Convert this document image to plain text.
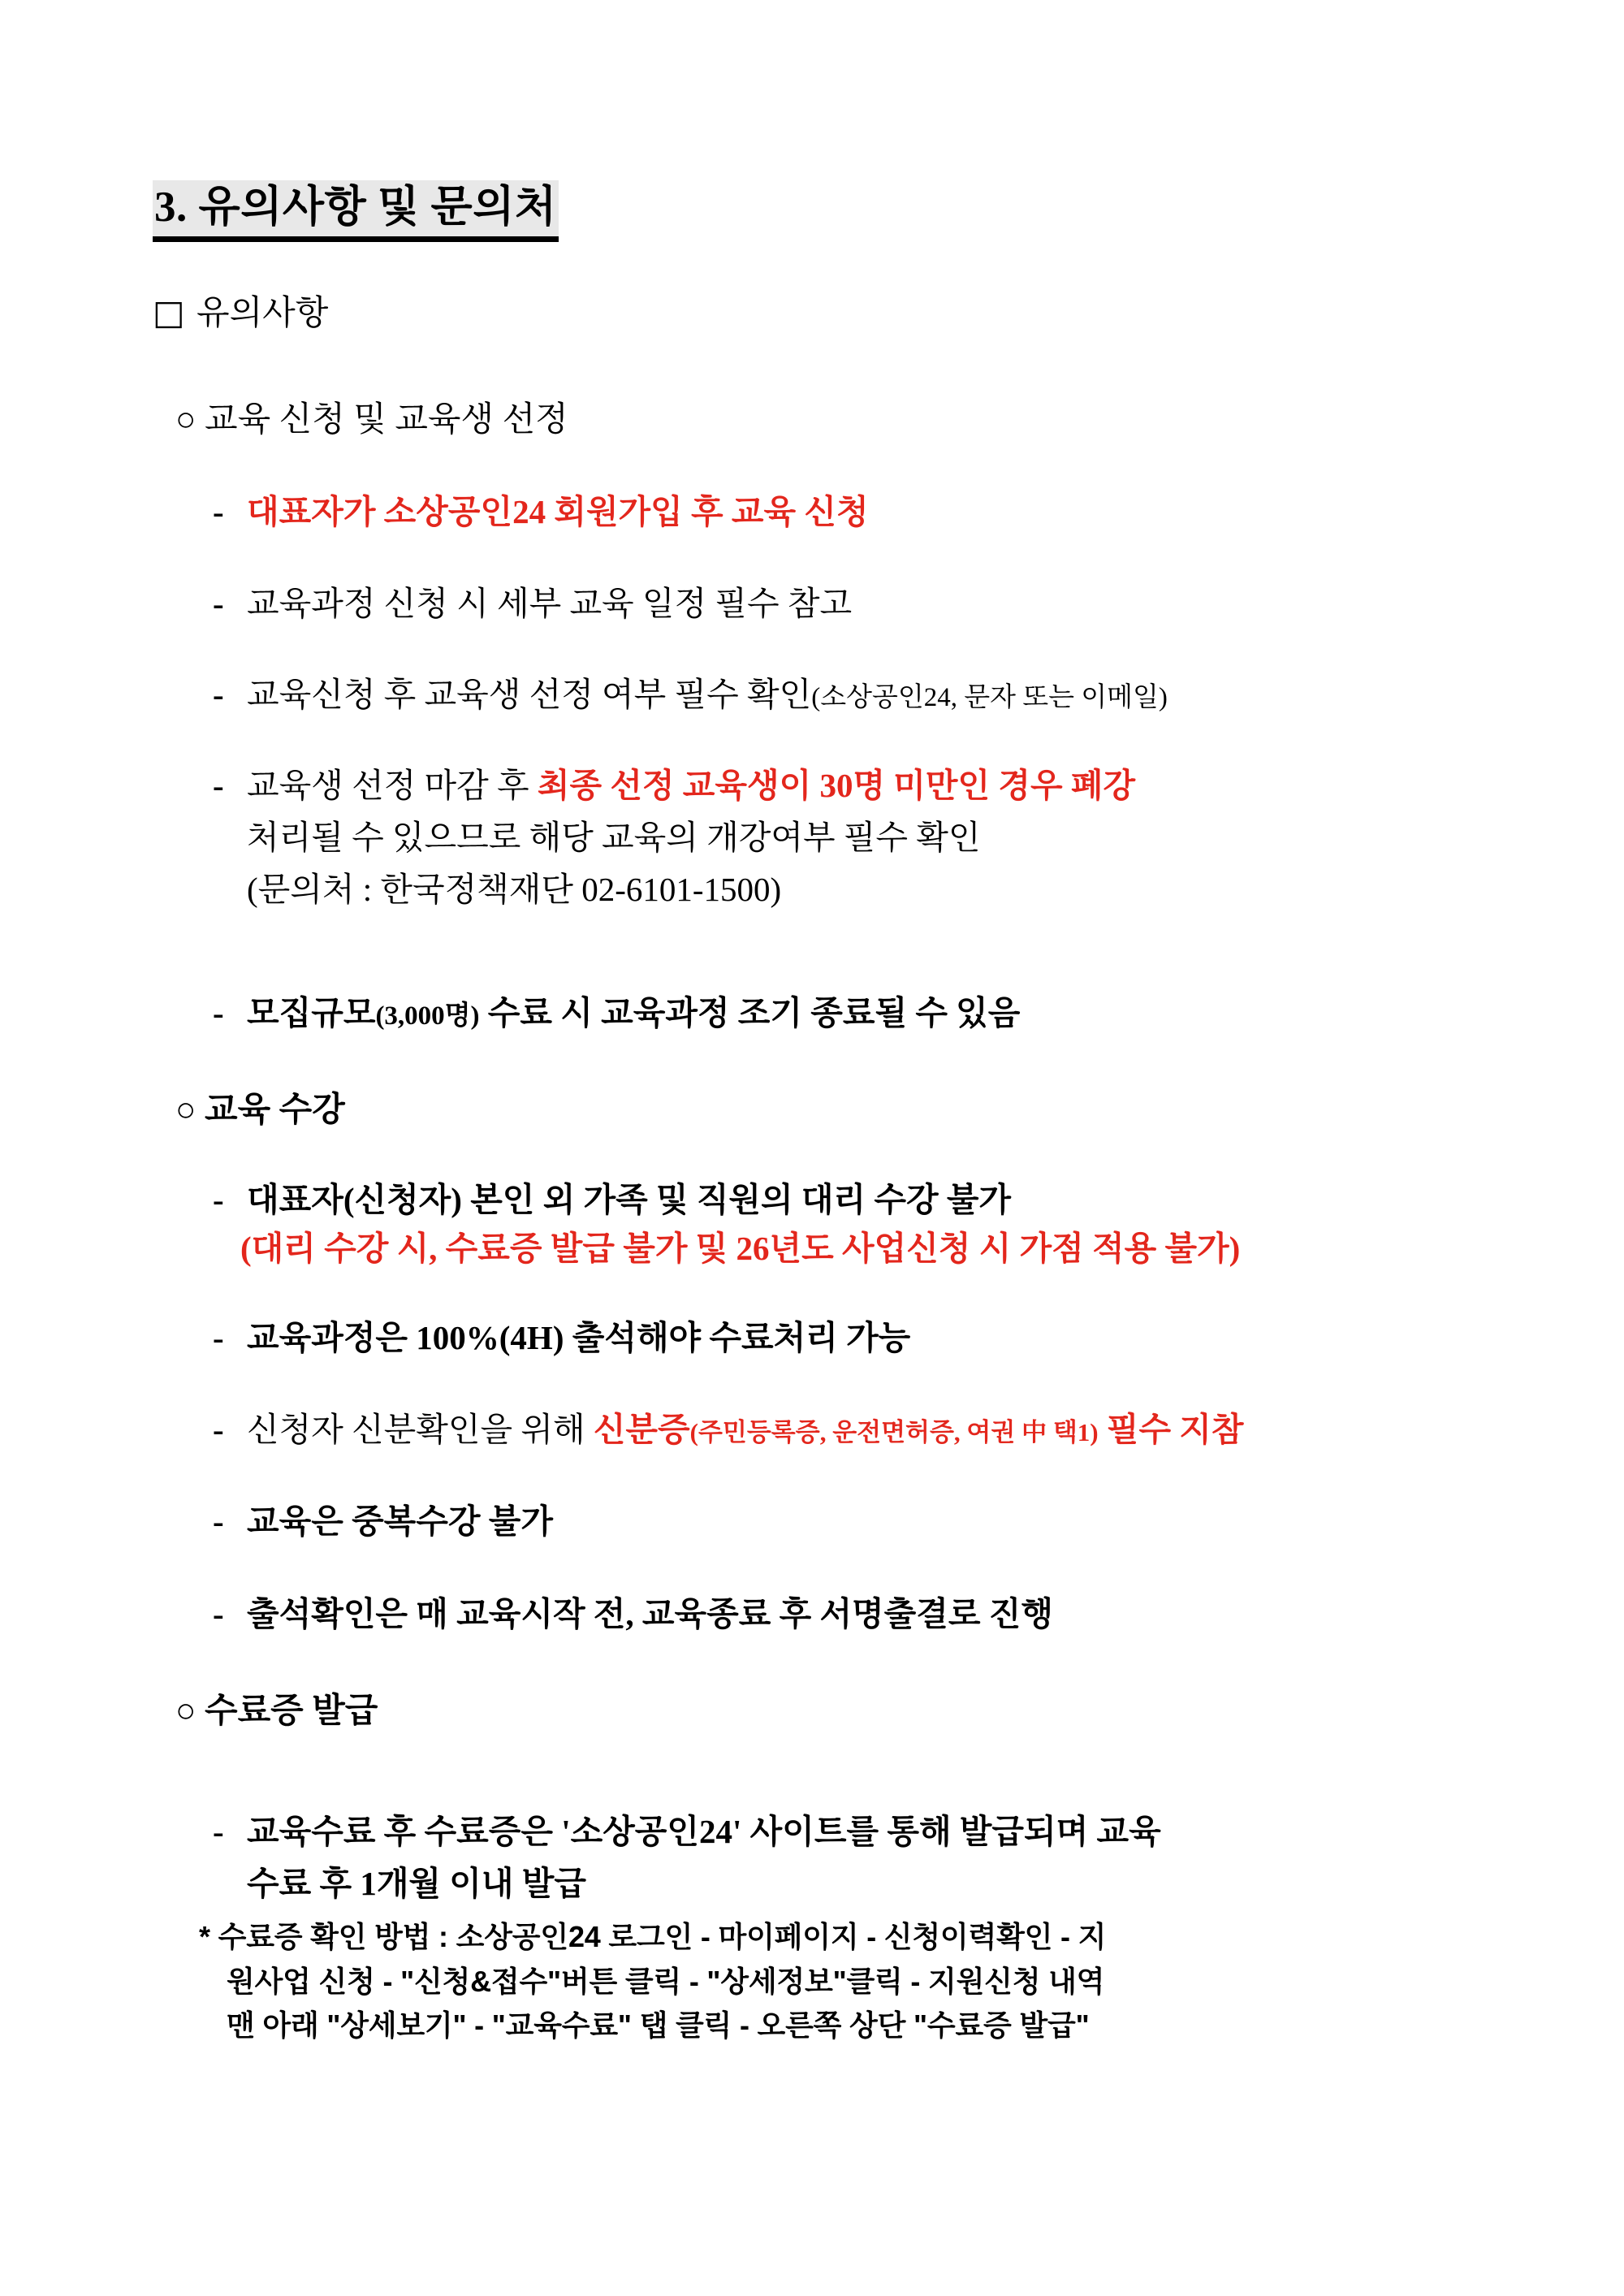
3. 유의사항 및 문의처
□ 유의사항
○ 교육 신청 및 교육생 선정
- 대표자가 소상공인24 회원가입 후 교육 신청
- 교육과정 신청 시 세부 교육 일정 필수 참고
- 교육신청 후 교육생 선정 여부 필수 확인(소상공인24, 문자 또는 이메일)
- 교육생 선정 마감 후 최종 선정 교육생이 30명 미만인 경우 폐강
처리될 수 있으므로 해당 교육의 개강여부 필수 확인
(문의처 : 한국정책재단 02-6101-1500)
- 모집규모(3,000명) 수료 시 교육과정 조기 종료될 수 있음
○ 교육 수강
- 대표자(신청자) 본인 외 가족 및 직원의 대리 수강 불가
(대리 수강 시, 수료증 발급 불가 및 26년도 사업신청 시 가점 적용 불가)
- 교육과정은 100%(4H) 출석해야 수료처리 가능
- 신청자 신분확인을 위해 신분증(주민등록증, 운전면허증, 여권 中 택1) 필수 지참
- 교육은 중복수강 불가
- 출석확인은 매 교육시작 전, 교육종료 후 서명출결로 진행
○ 수료증 발급
- 교육수료 후 수료증은 '소상공인24' 사이트를 통해 발급되며 교육
수료 후 1개월 이내 발급
* 수료증 확인 방법 : 소상공인24 로그인 - 마이페이지 - 신청이력확인 - 지
원사업 신청 - "신청&접수"버튼 클릭 - "상세정보"클릭 - 지원신청 내역
맨 아래 "상세보기" - "교육수료" 탭 클릭 - 오른쪽 상단 "수료증 발급"
